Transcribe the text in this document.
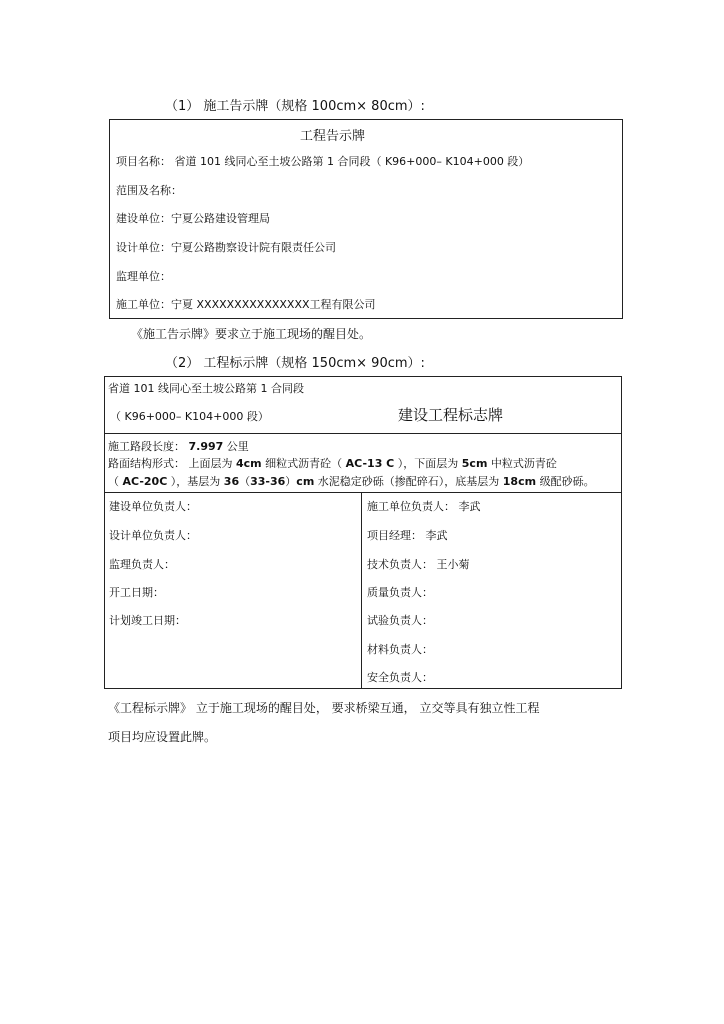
（1） 施工告示牌（规格 100cm× 80cm）:
工程告示牌
项目名称： 省道 101 线同心至土坡公路第 1 合同段（ K96+000– K104+000 段）
范围及名称：
建设单位：宁夏公路建设管理局
设计单位：宁夏公路勘察设计院有限责任公司
监理单位：
施工单位：宁夏 XXXXXXXXXXXXXXX工程有限公司
《施工告示牌》要求立于施工现场的醒目处。
（2） 工程标示牌（规格 150cm× 90cm）:
省道 101 线同心至土坡公路第 1 合同段
（ K96+000– K104+000 段）	建设工程标志牌
施工路段长度： 7.997 公里
路面结构形式： 上面层为 4cm 细粒式沥青砼（ AC-13 C ），下面层为 5cm 中粒式沥青砼
（ AC-20C ），基层为 36（33-36）cm 水泥稳定砂砾（掺配碎石），底基层为 18cm 级配砂砾。
建设单位负责人：
设计单位负责人：
监理负责人：
开工日期：
计划竣工日期：
施工单位负责人： 李武
项目经理： 李武
技术负责人： 王小菊
质量负责人：
试验负责人：
材料负责人：
安全负责人：
《工程标示牌》 立于施工现场的醒目处， 要求桥梁互通， 立交等具有独立性工程
项目均应设置此牌。
